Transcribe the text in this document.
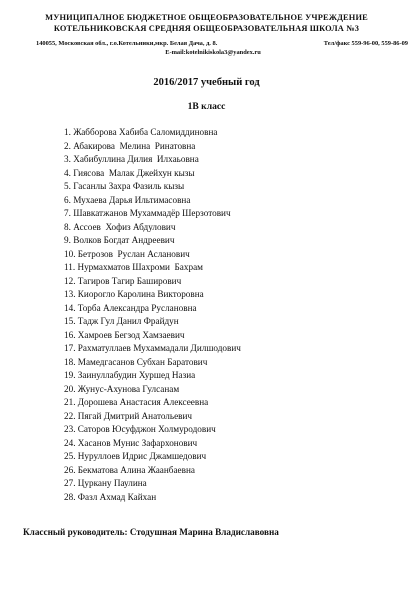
МУНИЦИПАЛНОЕ БЮДЖЕТНОЕ ОБЩЕОБРАЗОВАТЕЛЬНОЕ УЧРЕЖДЕНИЕ
КОТЕЛЬНИКОВСКАЯ СРЕДНЯЯ ОБЩЕОБРАЗОВАТЕЛЬНАЯ ШКОЛА №3
140055, Московская обл., г.о.Котельники,мкр. Белая Дача, д. 8.	Тел/факс 559-96-00, 559-86-09
E-mail:kotelnikiskola3@yandex.ru
2016/2017 учебный год
1В класс
1. Жабборова Хабиба Саломиддиновна
2. Абакирова  Мелина  Ринатовна
3. Хабибуллина Дилия  Илхаьовна
4. Гиясова  Малак Джейхун кызы
5. Гасанлы Захра Фазиль кызы
6. Мухаева Дарья Ильтимасовна
7. Шавкатжанов Мухаммадёр Шерзотович
8. Ассоев  Хофиз Абдулович
9. Волков Богдат Андреевич
10. Бетрозов  Руслан Асланович
11. Нурмахматов Шахроми  Бахрам
12. Тагиров Тагир Баширович
13. Киорогло Каролина Викторовна
14. Торба Александра Руслановна
15. Тадж Гул Данил Фрайдун
16. Хамроев Бегзод Хамзаевич
17. Рахматуллаев Мухаммадали Дилшодович
18. Мамедгасанов Субхан Баратович
19. Заинуллабудин Хуршед Назиа
20. Жунус-Ахунова Гулсанам
21. Дорошева Анастасия Алексеевна
22. Пягай Дмитрий Анатольевич
23. Саторов Юсуфджон Холмуродович
24. Хасанов Мунис Зафархонович
25. Нуруллоев Идрис Джамшедович
26. Бекматова Алина Жаанбаевна
27. Цуркану Паулина
28. Фазл Ахмад Кайхан
Классный руководитель: Стодушная Марина Владиславовна
